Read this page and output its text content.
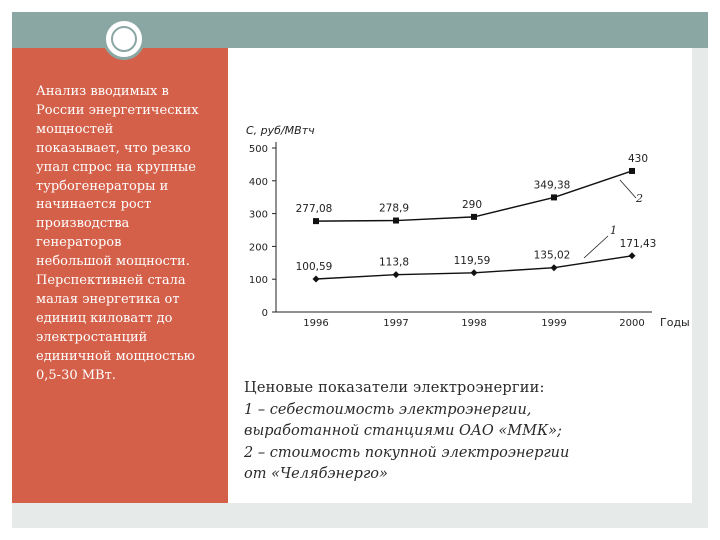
Анализ вводимых в
России энергетических
мощностей
показывает, что резко
упал спрос на крупные
турбогенераторы и
начинается рост
производства
генераторов
небольшой мощности.
Перспективней стала
малая энергетика от
единиц киловатт до
электростанций
единичной мощностью
0,5-30 МВт.
500
400
300
200
100
0
1996	1997	1998	1999	2000
100,59	113,8	119,59	135,02
171,43
1
277,08	278,9	290
349,38
430
2
С, руб/МВтч
Годы
Ценовые показатели электроэнергии:
1 – себестоимость электроэнергии,
выработанной станциями ОАО «ММК»;
2 – стоимость покупной электроэнергии
от «Челябэнерго»
